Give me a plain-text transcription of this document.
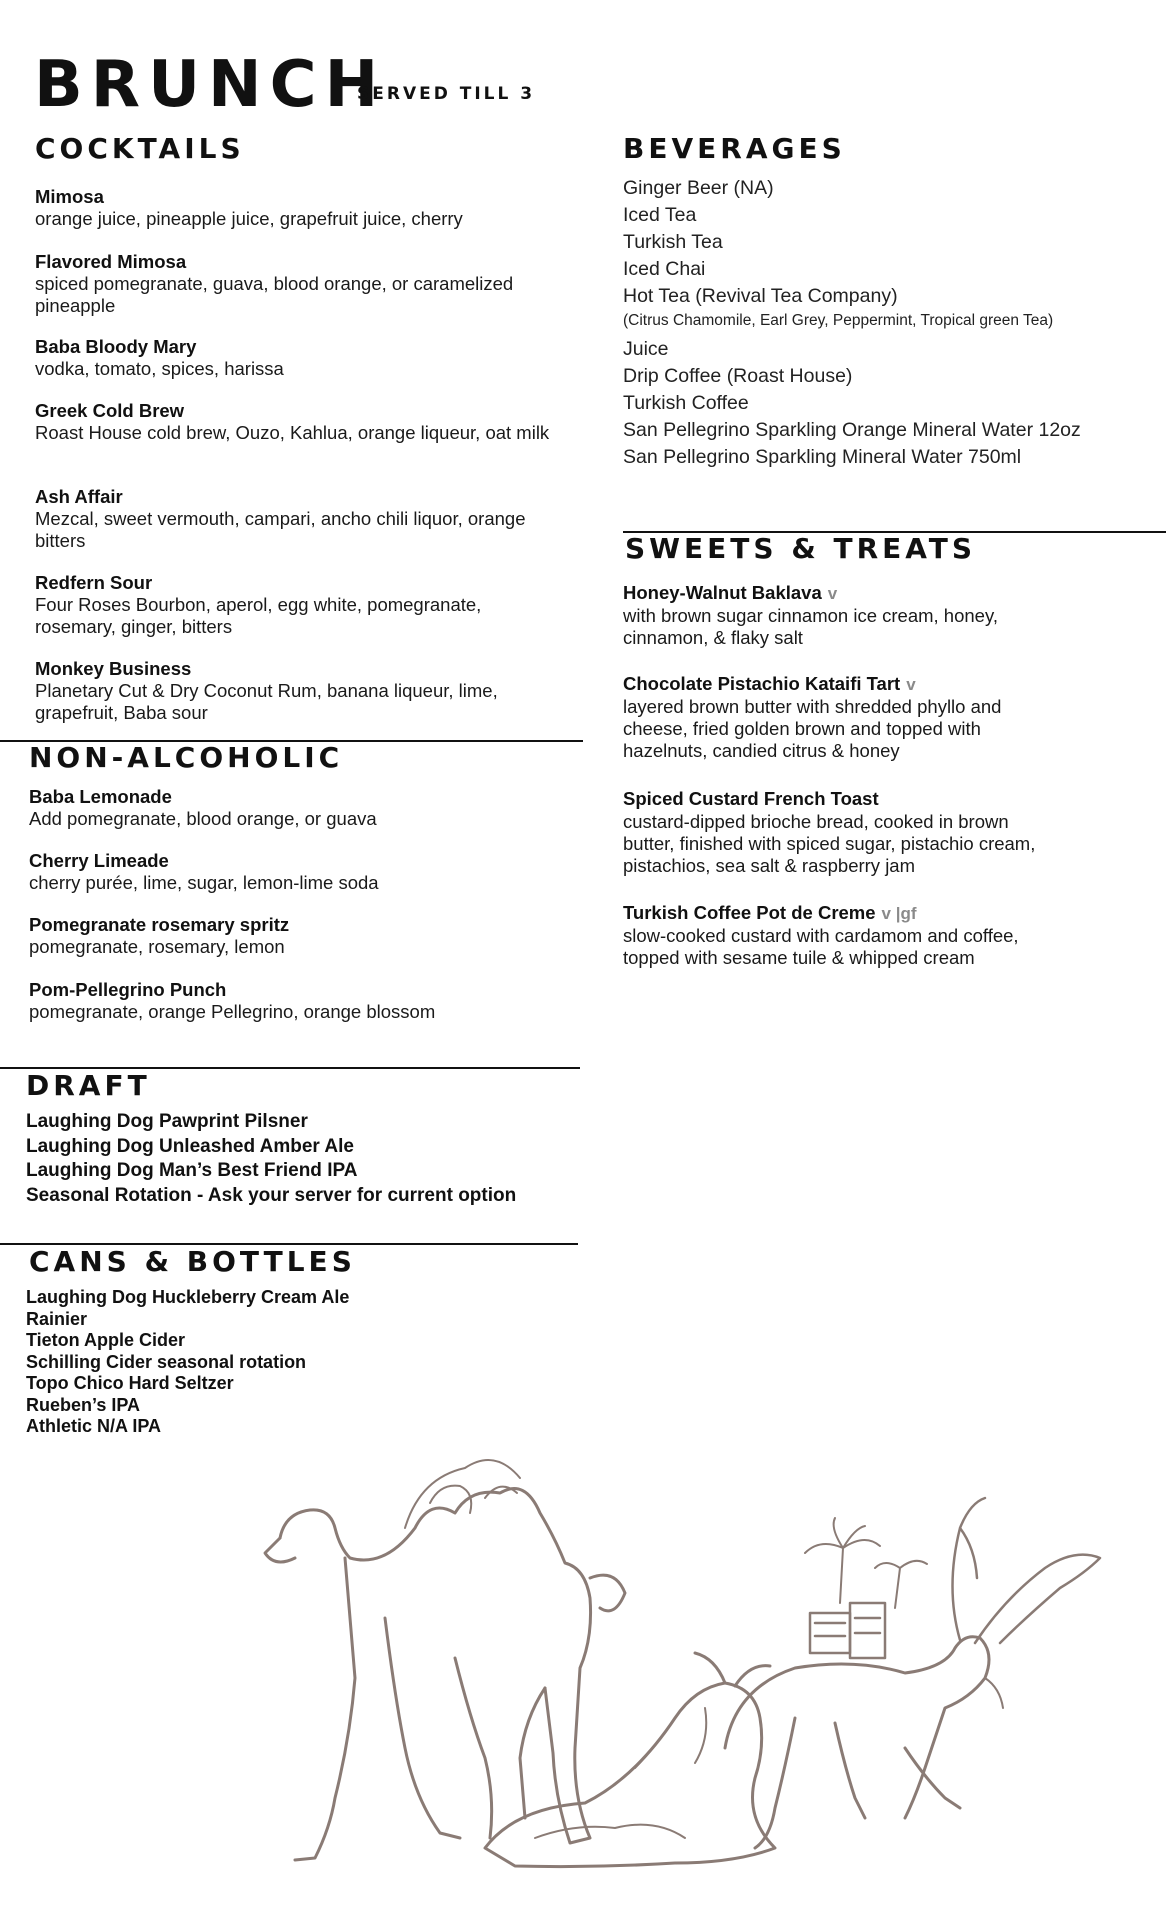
BRUNCH
SERVED TILL 3
COCKTAILS
Mimosa
orange juice, pineapple juice, grapefruit juice, cherry
Flavored Mimosa
spiced pomegranate, guava, blood orange, or caramelized pineapple
Baba Bloody Mary
vodka, tomato, spices, harissa
Greek Cold Brew
Roast House cold brew, Ouzo, Kahlua, orange liqueur, oat milk
Ash Affair
Mezcal, sweet vermouth, campari, ancho chili liquor, orange bitters
Redfern Sour
Four Roses Bourbon, aperol, egg white, pomegranate, rosemary, ginger, bitters
Monkey Business
Planetary Cut & Dry Coconut Rum, banana liqueur, lime, grapefruit, Baba sour
NON-ALCOHOLIC
Baba Lemonade
Add pomegranate, blood orange, or guava
Cherry Limeade
cherry purée, lime, sugar, lemon-lime soda
Pomegranate rosemary spritz
pomegranate, rosemary, lemon
Pom-Pellegrino Punch
pomegranate, orange Pellegrino, orange blossom
DRAFT
Laughing Dog Pawprint Pilsner
Laughing Dog Unleashed Amber Ale
Laughing Dog Man’s Best Friend IPA
Seasonal Rotation - Ask your server for current option
CANS & BOTTLES
Laughing Dog Huckleberry Cream Ale
Rainier
Tieton Apple Cider
Schilling Cider seasonal rotation
Topo Chico Hard Seltzer
Rueben’s IPA
Athletic N/A IPA
BEVERAGES
Ginger Beer (NA)
Iced Tea
Turkish Tea
Iced Chai
Hot Tea (Revival Tea Company)
(Citrus Chamomile, Earl Grey, Peppermint, Tropical green Tea)
Juice
Drip Coffee (Roast House)
Turkish Coffee
San Pellegrino Sparkling Orange Mineral Water 12oz
San Pellegrino Sparkling Mineral Water 750ml
SWEETS & TREATS
Honey-Walnut Baklava v
with brown sugar cinnamon ice cream, honey, cinnamon, & flaky salt
Chocolate Pistachio Kataifi Tart v
layered brown butter with shredded phyllo and cheese, fried golden brown and topped with hazelnuts, candied citrus & honey
Spiced Custard French Toast
custard-dipped brioche bread, cooked in brown butter, finished with spiced sugar, pistachio cream, pistachios, sea salt & raspberry jam
Turkish Coffee Pot de Creme v |gf
slow-cooked custard with cardamom and coffee, topped with sesame tuile & whipped cream
